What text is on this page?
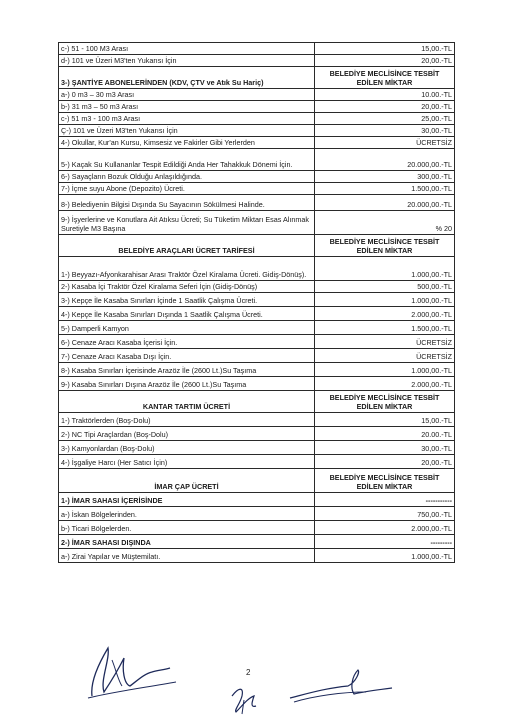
c-) 51 - 100 M3 Arası	15,00.-TL
d-) 101 ve Üzeri M3'ten Yukarısı İçin	20,00.-TL
3-) ŞANTİYE ABONELERİNDEN (KDV, ÇTV ve Atık Su Hariç)	BELEDİYE MECLİSİNCE TESBİT EDİLEN MİKTAR
a-) 0 m3 – 30 m3 Arası	10.00.-TL
b-) 31 m3 – 50 m3 Arası	20,00.-TL
c-) 51 m3 - 100 m3 Arası	25,00.-TL
Ç-) 101 ve Üzeri M3'ten Yukarısı İçin	30,00.-TL
4-) Okullar, Kur'an Kursu, Kimsesiz ve Fakirler Gibi Yerlerden	ÜCRETSİZ
5-) Kaçak Su Kullananlar Tespit Edildiği Anda Her Tahakkuk Dönemi İçin.	20.000,00.-TL
6-) Sayaçların Bozuk Olduğu Anlaşıldığında.	300,00.-TL
7-) İçme suyu Abone (Depozito) Ücreti.	1.500,00.-TL
8-) Belediyenin Bilgisi Dışında Su Sayacının Sökülmesi Halinde.	20.000,00.-TL
9-) İşyerlerine ve Konutlara Ait Atıksu Ücreti; Su Tüketim Miktarı Esas Alınmak Suretiyle M3 Başına	% 20
BELEDİYE ARAÇLARI ÜCRET TARİFESİ	BELEDİYE MECLİSİNCE TESBİT EDİLEN MİKTAR
1-) Beyyazı-Afyonkarahisar Arası Traktör Özel Kiralama Ücreti. Gidiş-Dönüş).	1.000,00.-TL
2-) Kasaba İçi Traktör Özel Kiralama Seferi İçin (Gidiş-Dönüş)	500,00.-TL
3-) Kepçe İle Kasaba Sınırları İçinde 1 Saatlik Çalışma Ücreti.	1.000,00.-TL
4-) Kepçe İle Kasaba Sınırları Dışında 1 Saatlik Çalışma Ücreti.	2.000,00.-TL
5-) Damperli Kamyon	1.500,00.-TL
6-) Cenaze Aracı Kasaba İçerisi İçin.	ÜCRETSİZ
7-) Cenaze Aracı Kasaba Dışı İçin.	ÜCRETSİZ
8-) Kasaba Sınırları İçerisinde Arazöz İle (2600 Lt.)Su Taşıma	1.000,00.-TL
9-) Kasaba Sınırları Dışına Arazöz İle (2600 Lt.)Su Taşıma	2.000,00.-TL
KANTAR TARTIM ÜCRETİ	BELEDİYE MECLİSİNCE TESBİT EDİLEN MİKTAR
1-) Traktörlerden (Boş-Dolu)	15,00.-TL
2-) NC Tipi Araçlardan (Boş-Dolu)	20.00.-TL
3-) Kamyonlardan (Boş-Dolu)	30,00.-TL
4-) İşgaliye Harcı (Her Satıcı İçin)	20,00.-TL
İMAR ÇAP ÜCRETİ	BELEDİYE MECLİSİNCE TESBİT EDİLEN MİKTAR
1-) İMAR SAHASI İÇERİSİNDE	-----------
a-) İskan Bölgelerinden.	750,00.-TL
b-) Ticari Bölgelerden.	2.000,00.-TL
2-) İMAR SAHASI DIŞINDA	---------
a-) Zirai Yapılar ve Müştemilatı.	1.000,00.-TL
2
